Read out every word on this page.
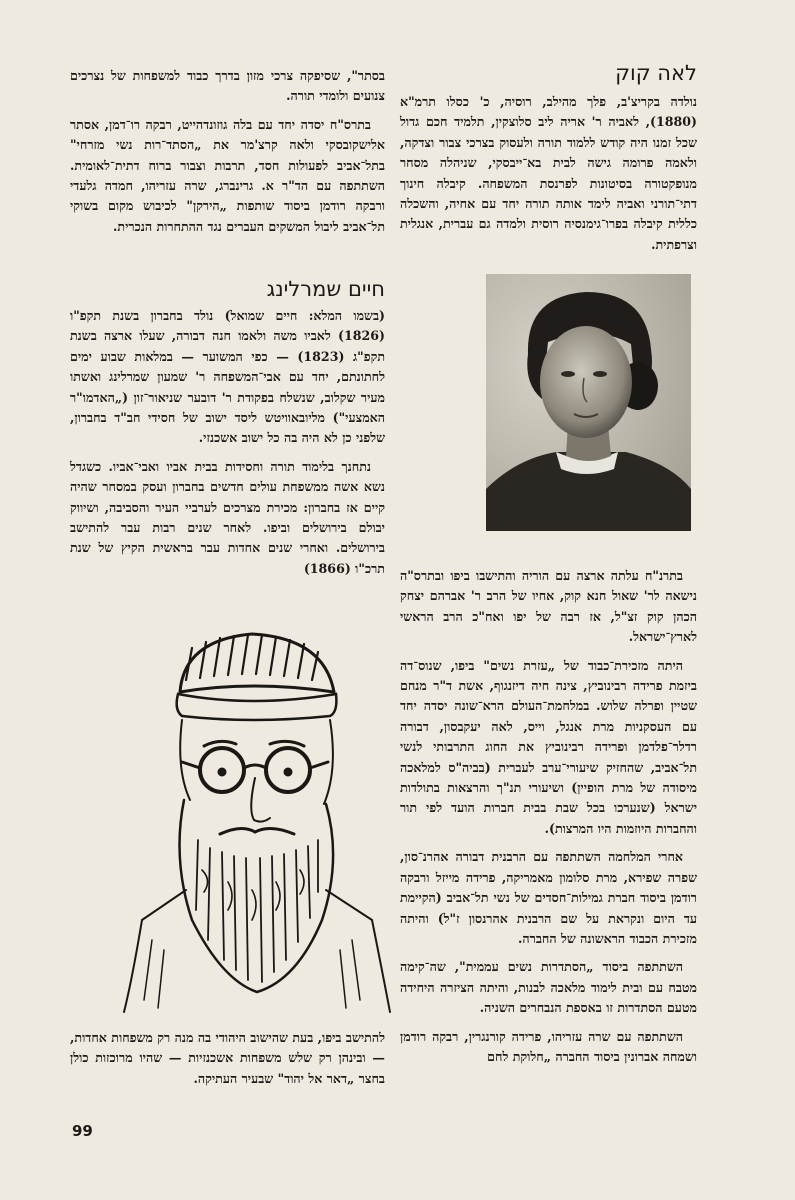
לאה קוק

נולדה בקריצ'ב, פלך מהילב, רוסיה, כ' כסלו תרמ"א (1880), לאביה ר' אריה ליב סלוצקין, תלמיד חכם גדול שכל זמנו היה קודש ללמוד תורה ולעסוק בצרכי צבור וצדקה, ולאמה פרומה גישה לבית בא־ייבסקי, שניהלה מסחר מנופקטורה בסיטונות לפרנסת המשפחה. קיבלה חינוך דתי־תורני ואביה לימד אותה תורה יחד עם אחיה, והשכלה כללית קיבלה בפרו־גימנסיה רוסית ולמדה גם עברית, אנגלית וצרפתית.

בתרנ"ח עלתה ארצה עם הוריה והתישבו ביפו ובתרס"ה נישאה לר' שאול חנא קוק, אחיו של הרב ר' אברהם יצחק הכהן קוק זצ"ל, אז רבה של יפו ואח"כ הרב הראשי לארץ־ישראל.

היתה מזכירת־כבוד של „עזרת נשים" ביפו, שנוס־דה ביזמת פרידה רבינוביץ, צינה חיה דיזנגוף, אשת ד"ר מנחם שטיין ופרלה שלוש. במלחמת־העולם הרא־שונה יסדה יחד עם העסקניות מרת אנגל, וייס, לאה יעקבסון, דבורה רדלר־פלדמן ופרידה רבינוביץ את החוג התרבותי לנשי תל־אביב, שהחזיק שיעורי־ערב לעברית (בביה"ס למלאכה מיסודה של מרת הופיין) ושיעורי תנ"ך והרצאות בתולדות ישראל (שנערכו בכל שבת בבית חברות הועד לפי תור והחברות היוזמות היו המרצות).

אחרי המלחמה השתתפה עם הרבנית דבורה אהרנ־סון, שפרה שפירא, מרת סלומון מאמריקה, פרידה מייזל ורבקה רודמן ביסוד חברת גמילות־חסדים של נשי תל־אביב (הקיימת עד היום ונקראת על שם הרבנית אהרנסון ז"ל) והיתה מזכירת הכבוד הראשונה של החברה.

השתתפה ביסוד „הסתדרות נשים עממית", שה־קימה מטבח עם ובית לימוד מלאכה לבנות, והיתה הציזרה היחידה מטעם הסתדרות זו באספת הנבחרים השניה.

השתתפה עם שרה עזריהו, פרידה קורנגרין, רבקה רודמן ושמחה אברונין ביסוד החברה „חלוקת לחם

בסתר", שסיפקה צרכי מזון בדרך כבוד למשפחות של נצרכים צנועים ולומדי תורה.

בתרס"ח יסדה יחד עם בלה גוזונדהייט, רבקה רו־דמן, אסתר אלישקובסקי ולאה קרצ'מר את „הסתד־רות נשי מזרחי" בתל־אביב לפעולות חסד, תרבות וצבור ברוח דתית־לאומית. השתתפה עם הד"ר א. גרינברג, שרה עזריהו, חמדה גלעדי ורבקה רודמן ביסוד שותפות „הירקן" לכיבוש מקום בשוקי תל־אביב ליבול המשקים העברים נגד ההתחרות הנכרית.

חיים שמרלינג

(בשמו המלא: חיים שמואל) נולד בחברון בשנת תקפ"ו (1826) לאביו משה ולאמו חנה דבורה, שעלו ארצה בשנת תקפ"ג (1823) — כפי המשוער — במלאות שבוע ימים לחתונתם, יחד עם אבי־המשפחה ר' שמעון שמרלינג ואשתו מעיר שקלוב, שנשלח בפקודת ר' דובער שניאור־זון („האדמו"ר האמצעי") מליובאוויטש ליסד ישוב של חסידי חב"ד בחברון, שלפני כן לא היה בה כל ישוב אשכנזי.

נתחנך בלימוד תורה וחסידות בבית אביו ואבי־אביו. כשגדל נשא אשה ממשפחת עולים חדשים בחברון ועסק במסחר שהיה קיים אז בחברון: מכירת מצרכים לערביי העיר והסביבה, ושיווק יבולם בירושלים וביפו. לאחר שנים רבות עבר להתישב בירושלים. ואחרי שנים אחדות עבר בראשית הקיץ של שנת תרכ"ו (1866)

להתישב ביפו, בעת שהישוב היהודי בה מנה רק משפחות אחדות, — ובינהן רק שלש משפחות אשכנזיות — שהיו מרוכזות כולן בחצר „דאר אל יהוד" שבעיר העתיקה.
99
